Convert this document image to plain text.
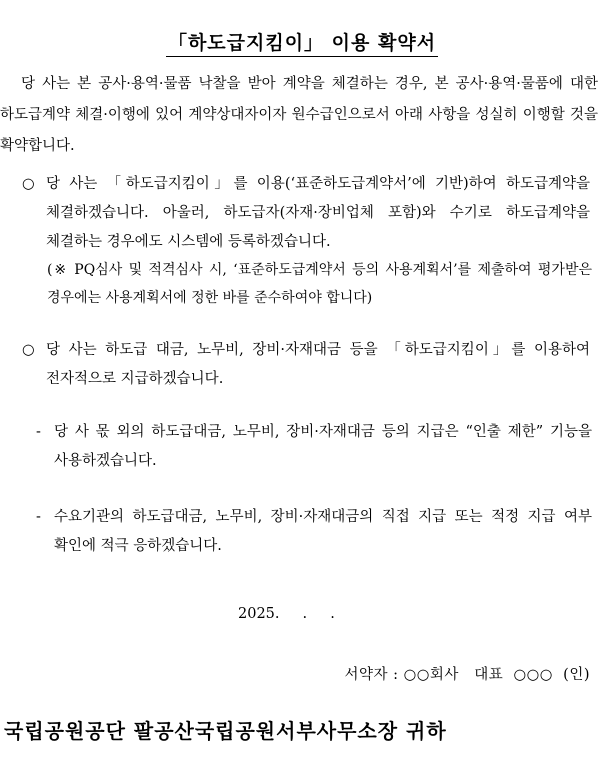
「하도급지킴이」 이용 확약서
당 사는 본 공사·용역·물품 낙찰을 받아 계약을 체결하는 경우, 본 공사·용역·물품에 대한 하도급계약 체결·이행에 있어 계약상대자이자 원수급인으로서 아래 사항을 성실히 이행할 것을 확약합니다.
○ 당 사는 「하도급지킴이」를 이용(‘표준하도급계약서’에 기반)하여 하도급계약을 체결하겠습니다. 아울러, 하도급자(자재·장비업체 포함)와 수기로 하도급계약을 체결하는 경우에도 시스템에 등록하겠습니다.
(※ PQ심사 및 적격심사 시, ‘표준하도급계약서 등의 사용계획서’를 제출하여 평가받은 경우에는 사용계획서에 정한 바를 준수하여야 합니다)
○ 당 사는 하도급 대금, 노무비, 장비·자재대금 등을 「하도급지킴이」를 이용하여 전자적으로 지급하겠습니다.
- 당 사 몫 외의 하도급대금, 노무비, 장비·자재대금 등의 지급은 “인출 제한” 기능을 사용하겠습니다.
- 수요기관의 하도급대금, 노무비, 장비·자재대금의 직접 지급 또는 적정 지급 여부 확인에 적극 응하겠습니다.
2025.     .     .
서약자 : ○○회사   대표  ○○○  (인)
국립공원공단 팔공산국립공원서부사무소장 귀하
